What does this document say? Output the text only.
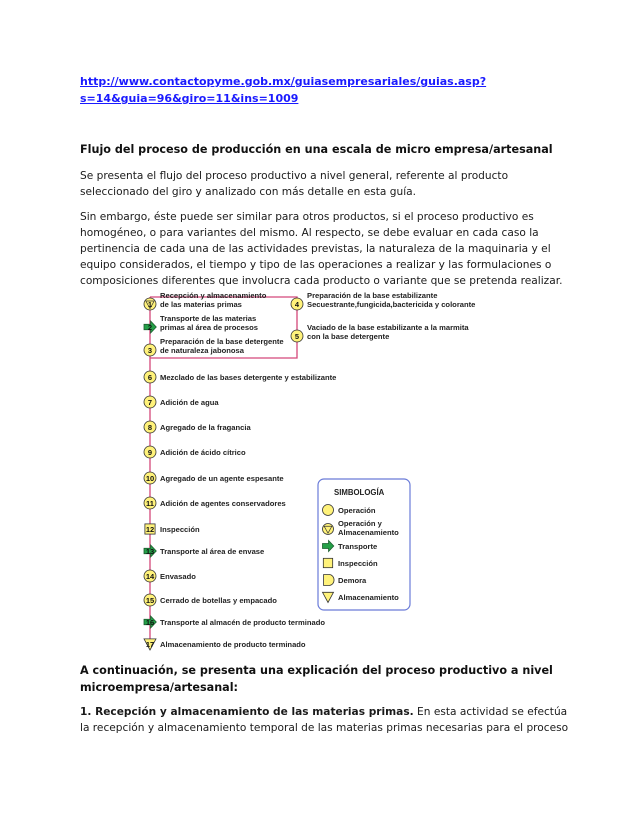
http://www.contactopyme.gob.mx/guiasempresariales/guias.asp?
s=14&guia=96&giro=11&ins=1009
Flujo del proceso de producción en una escala de micro empresa/artesanal
Se presenta el flujo del proceso productivo a nivel general, referente al producto
seleccionado del giro y analizado con más detalle en esta guía.
Sin embargo, éste puede ser similar para otros productos, si el proceso productivo es
homogéneo, o para variantes del mismo. Al respecto, se debe evaluar en cada caso la
pertinencia de cada una de las actividades previstas, la naturaleza de la maquinaria y el
equipo considerados, el tiempo y tipo de las operaciones a realizar y las formulaciones o
composiciones diferentes que involucra cada producto o variante que se pretenda realizar.
1
Recepción y almacenamiento de las materias primas
2
Transporte de las materias primas al área de procesos
3
Preparación de la base detergente de naturaleza jabonosa
4
Preparación de la base estabilizante Secuestrante,fungicida,bactericida y colorante
5
Vaciado de la base estabilizante a la marmita con la base detergente
6 Mezclado de las bases detergente y estabilizante
7 Adición de agua
8 Agregado de la fragancia
9 Adición de ácido cítrico
10 Agregado de un agente espesante
11 Adición de agentes conservadores
12 Inspección
13 Transporte al área de envase
14 Envasado
15 Cerrado de botellas y empacado
16 Transporte al almacén de producto terminado
17 Almacenamiento de producto terminado
SIMBOLOGÍA
Operación
Operación y Almacenamiento
Transporte
Inspección
Demora
Almacenamiento
A continuación, se presenta una explicación del proceso productivo a nivel
microempresa/artesanal:
1. Recepción y almacenamiento de las materias primas. En esta actividad se efectúa
la recepción y almacenamiento temporal de las materias primas necesarias para el proceso
